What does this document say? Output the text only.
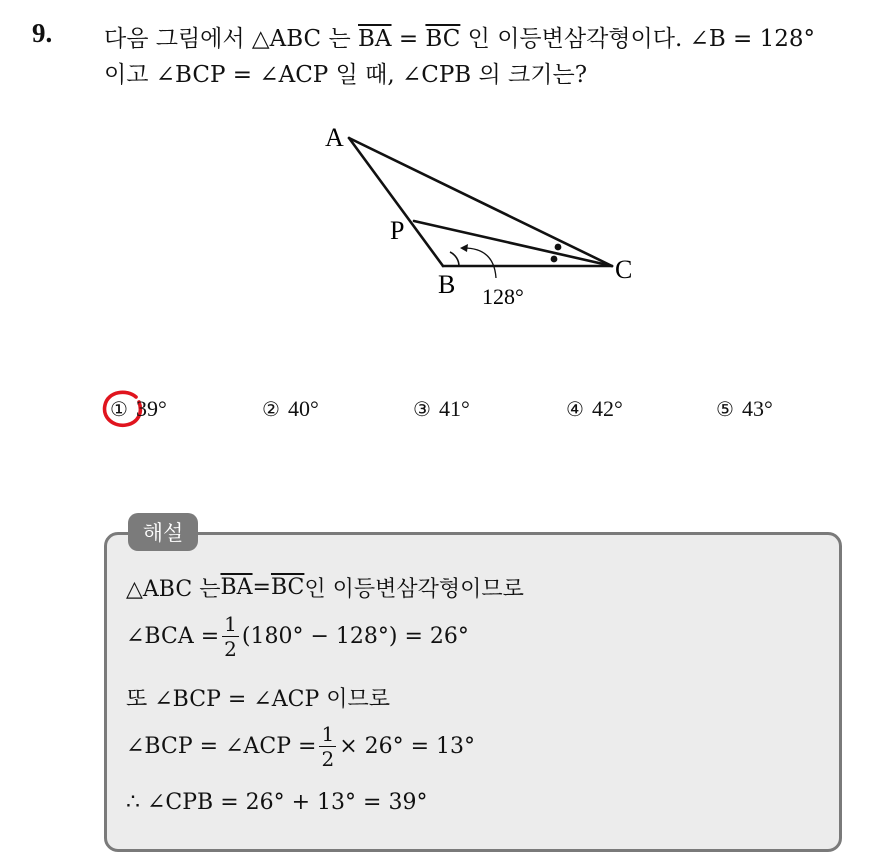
9. 다음 그림에서 △ABC 는 $\overline{BA} = \overline{BC}$ 인 이등변삼각형이다. ∠B = 128°
이고 ∠BCP = ∠ACP 일 때, ∠CPB 의 크기는?
A
P
B
C
128°
① 39°	② 40°	③ 41°	④ 42°	⑤ 43°
해설
△ABC 는 $\overline{BA} = \overline{BC}$ 인 이등변삼각형이므로
∠BCA = $\frac{1}{2} (180^\circ - 128^\circ) = 26^\circ$
또 ∠BCP = ∠ACP 이므로
∠BCP = ∠ACP = $\frac{1}{2} \times 26^\circ = 13^\circ$
∴ ∠CPB = 26° + 13° = 39°
